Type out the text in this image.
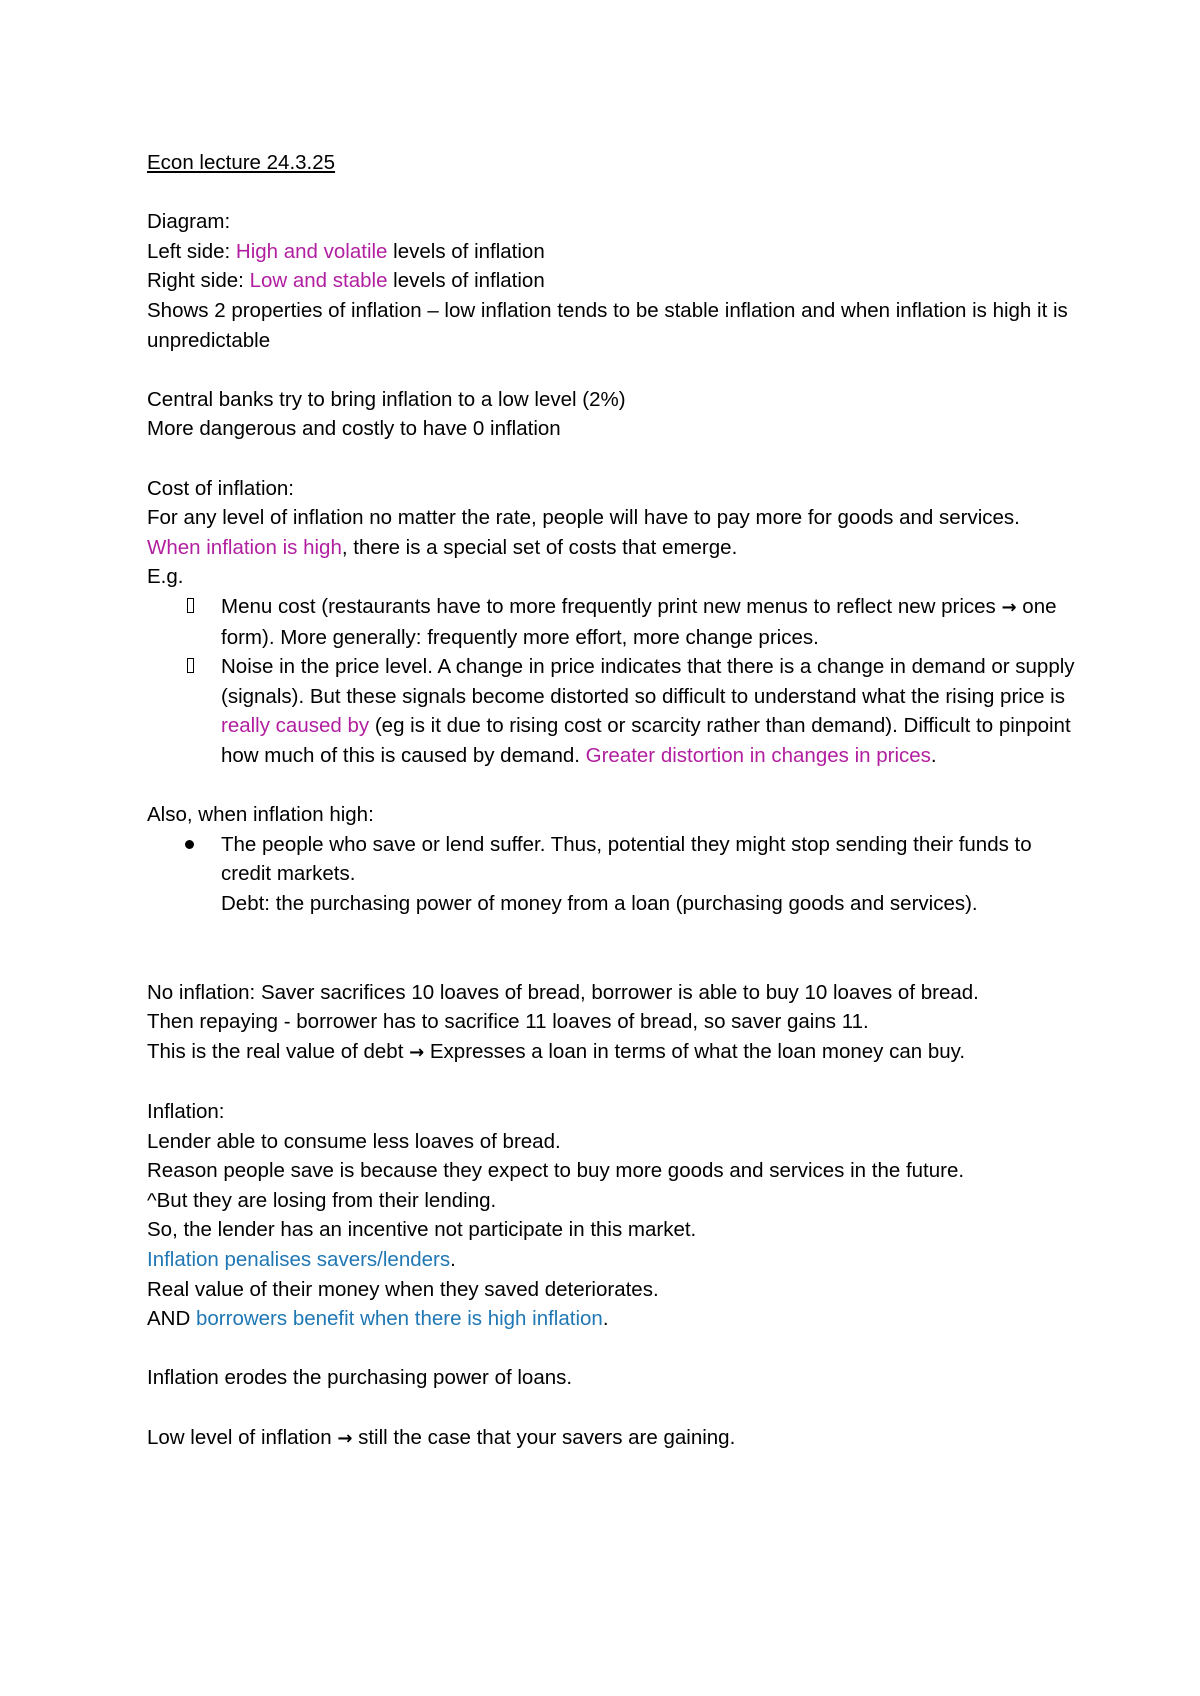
Econ lecture 24.3.25

Diagram:

Left side: High and volatile levels of inflation

Right side: Low and stable levels of inflation

Shows 2 properties of inflation – low inflation tends to be stable inflation and when inflation is high it is unpredictable

Central banks try to bring inflation to a low level (2%)

More dangerous and costly to have 0 inflation

Cost of inflation:

For any level of inflation no matter the rate, people will have to pay more for goods and services.

When inflation is high, there is a special set of costs that emerge.

E.g.

Menu cost (restaurants have to more frequently print new menus to reflect new prices → one form). More generally: frequently more effort, more change prices.
Noise in the price level. A change in price indicates that there is a change in demand or supply (signals). But these signals become distorted so difficult to understand what the rising price is really caused by (eg is it due to rising cost or scarcity rather than demand). Difficult to pinpoint how much of this is caused by demand. Greater distortion in changes in prices.

Also, when inflation high:

The people who save or lend suffer. Thus, potential they might stop sending their funds to credit markets.
Debt: the purchasing power of money from a loan (purchasing goods and services).

No inflation: Saver sacrifices 10 loaves of bread, borrower is able to buy 10 loaves of bread.

Then repaying - borrower has to sacrifice 11 loaves of bread, so saver gains 11.

This is the real value of debt → Expresses a loan in terms of what the loan money can buy.

Inflation:

Lender able to consume less loaves of bread.

Reason people save is because they expect to buy more goods and services in the future.

^But they are losing from their lending.

So, the lender has an incentive not participate in this market.

Inflation penalises savers/lenders.

Real value of their money when they saved deteriorates.

AND borrowers benefit when there is high inflation.

Inflation erodes the purchasing power of loans.

Low level of inflation → still the case that your savers are gaining.
